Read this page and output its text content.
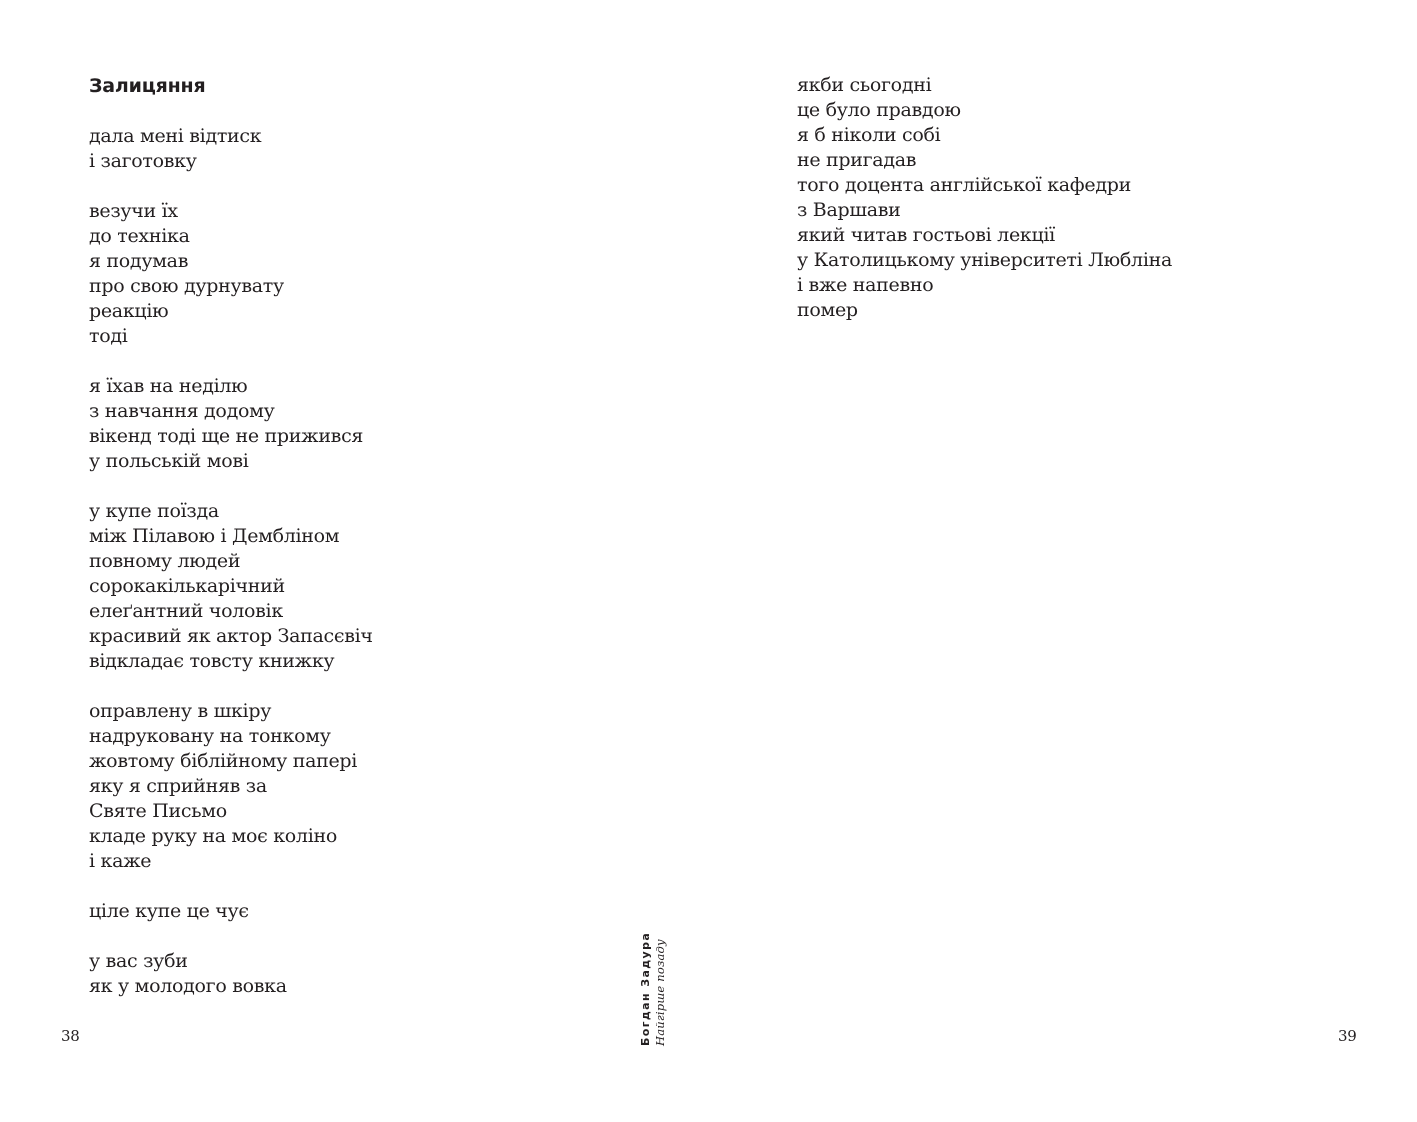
Залицяння
дала мені відтиск
і заготовку
везучи їх
до техніка
я подумав
про свою дурнувату
реакцію
тоді
я їхав на неділю
з навчання додому
вікенд тоді ще не прижився
у польській мові
у купе поїзда
між Пілавою і Дембліном
повному людей
сорокакількарічний
елеґантний чоловік
красивий як актор Запасєвіч
відкладає товсту книжку
оправлену в шкіру
надруковану на тонкому
жовтому біблійному папері
яку я сприйняв за
Святе Письмо
кладе руку на моє коліно
і каже
ціле купе це чує
у вас зуби
як у молодого вовка
38	Богдан Задура Найгірше позаду
якби сьогодні
це було правдою
я б ніколи собі
не пригадав
того доцента англійської кафедри
з Варшави
який читав гостьові лекції
у Католицькому університеті Любліна
і вже напевно
помер
39
